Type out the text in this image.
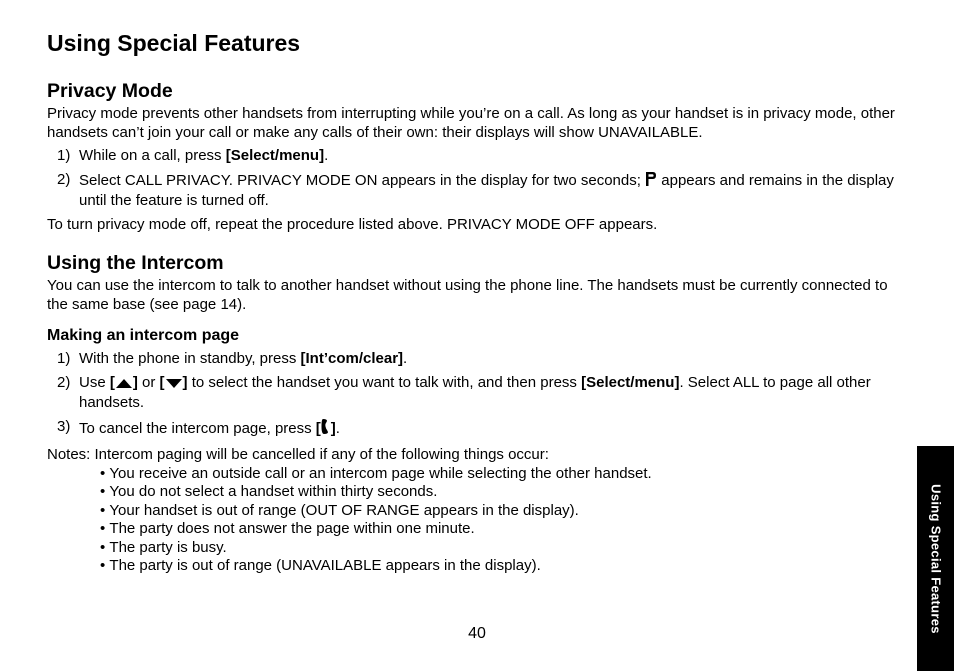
Using Special Features
Privacy Mode

Privacy mode prevents other handsets from interrupting while you’re on a call. As long as your handset is in privacy mode, other handsets can’t join your call or make any calls of their own: their displays will show UNAVAILABLE.

1) While on a call, press [Select/menu].
2) Select CALL PRIVACY. PRIVACY MODE ON appears in the display for two seconds;  appears and remains in the display until the feature is turned off.

To turn privacy mode off, repeat the procedure listed above. PRIVACY MODE OFF appears.

Using the Intercom

You can use the intercom to talk to another handset without using the phone line. The handsets must be currently connected to the same base (see page 14).

Making an intercom page
1) With the phone in standby, press [Int’com/clear].
2) Use [ ] or [ ] to select the handset you want to talk with, and then press [Select/menu]. Select ALL to page all other handsets.
3) To cancel the intercom page, press [ ].
Notes: Intercom paging will be cancelled if any of the following things occur:
• You receive an outside call or an intercom page while selecting the other handset.
• You do not select a handset within thirty seconds.
• Your handset is out of range (OUT OF RANGE appears in the display).
• The party does not answer the page within one minute.
• The party is busy.
• The party is out of range (UNAVAILABLE appears in the display).
40
Using Special Features
